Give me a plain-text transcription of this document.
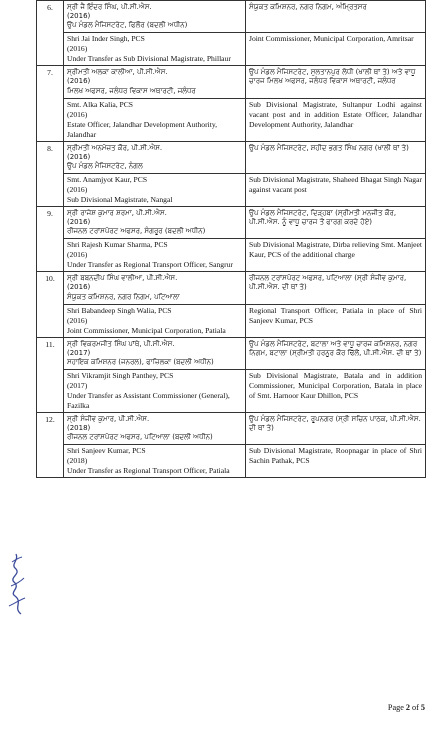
6.	ਸ੍ਰੀ ਜੈ ਇੰਦਰ ਸਿੰਘ, ਪੀ.ਸੀ.ਐਸ.
(2016)
ਉਪ ਮੰਡਲ ਮੈਜਿਸਟਰੇਟ, ਫਿਲੌਰ (ਬਦਲੀ ਅਧੀਨ)	ਸੰਯੁਕਤ ਕਮਿਸ਼ਨਰ, ਨਗਰ ਨਿਗਮ, ਅੰਮ੍ਰਿਤਸਰ

	Shri Jai Inder Singh, PCS
(2016)
Under Transfer as Sub Divisional Magistrate, Phillaur	Joint Commissioner, Municipal Corporation, Amritsar
7.	ਸ੍ਰੀਮਤੀ ਅਲਕਾ ਕਾਲੀਆ, ਪੀ.ਸੀ.ਐਸ.
(2016)
ਮਿਲਖ ਅਫਸਰ, ਜਲੰਧਰ ਵਿਕਾਸ ਅਥਾਰਟੀ, ਜਲੰਧਰ	ਉਪ ਮੰਡਲ ਮੈਜਿਸਟਰੇਟ, ਸੁਲਤਾਨਪੁਰ ਲੋਧੀ (ਖਾਲੀ ਥਾਂ ਤੇ) ਅਤੇ ਵਾਧੂ ਚਾਰਜ ਮਿਲਖ ਅਫਸਰ, ਜਲੰਧਰ ਵਿਕਾਸ ਅਥਾਰਟੀ, ਜਲੰਧਰ

	Smt. Alka Kalia, PCS
(2016)
Estate Officer, Jalandhar Development Authority, Jalandhar	Sub Divisional Magistrate, Sultanpur Lodhi against vacant post and in addition Estate Officer, Jalandhar Development Authority, Jalandhar
8.	ਸ੍ਰੀਮਤੀ ਅਨਮੋਜ਼ਤ ਕੌਰ, ਪੀ.ਸੀ.ਐਸ.
(2016)
ਉਪ ਮੰਡਲ ਮੈਜਿਸਟਰੇਟ, ਨੰਗਲ	ਉਪ ਮੰਡਲ ਮੈਜਿਸਟਰੇਟ, ਸ਼ਹੀਦ ਭਗਤ ਸਿੰਘ ਨਗਰ (ਖਾਲੀ ਥਾਂ ਤੇ)

	Smt. Anamjyot Kaur, PCS
(2016)
Sub Divisional Magistrate, Nangal	Sub Divisional Magistrate, Shaheed Bhagat Singh Nagar against vacant post
9.	ਸ੍ਰੀ ਰਾਜੇਸ਼ ਕੁਮਾਰ ਸ਼ਰਮਾ, ਪੀ.ਸੀ.ਐਸ.
(2016)
ਰੀਜਨਲ ਟਰਾਂਸਪੋਰਟ ਅਫਸਰ, ਸੰਗਰੂਰ (ਬਦਲੀ ਅਧੀਨ)	ਉਪ ਮੰਡਲ ਮੈਜਿਸਟਰੇਟ, ਦਿੜ੍ਹਬਾ (ਸ੍ਰੀਮਤੀ ਮਨਜੀਤ ਕੌਰ, ਪੀ.ਸੀ.ਐਸ. ਨੂੰ ਵਾਧੂ ਚਾਰਜ ਤੋਂ ਫਾਰਗ ਕਰਦੇ ਹੋਏ)

	Shri Rajesh Kumar Sharma, PCS
(2016)
Under Transfer as Regional Transport Officer, Sangrur	Sub Divisional Magistrate, Dirba relieving Smt. Manjeet Kaur, PCS of the additional charge
10.	ਸ੍ਰੀ ਬਬਨਦੀਪ ਸਿੰਘ ਵਾਲੀਆ, ਪੀ.ਸੀ.ਐਸ.
(2016)
ਸੰਯੁਕਤ ਕਮਿਸ਼ਨਰ, ਨਗਰ ਨਿਗਮ, ਪਟਿਆਲਾ	ਰੀਜਨਲ ਟਰਾਂਸਪੋਰਟ ਅਫਸਰ, ਪਟਿਆਲਾ (ਸ੍ਰੀ ਸੰਜੀਵ ਕੁਮਾਰ, ਪੀ.ਸੀ.ਐਸ. ਦੀ ਥਾਂ ਤੇ)

	Shri Babandeep Singh Walia, PCS
(2016)
Joint Commissioner, Municipal Corporation, Patiala	Regional Transport Officer, Patiala in place of Shri Sanjeev Kumar, PCS
11.	ਸ੍ਰੀ ਵਿਕਰਮਜੀਤ ਸਿੰਘ ਪਾਂਥੇ, ਪੀ.ਸੀ.ਐਸ.
(2017)
ਸਹਾਇਕ ਕਮਿਸ਼ਨਰ (ਜਨਰਲ), ਫਾਜ਼ਿਲਕਾ (ਬਦਲੀ ਅਧੀਨ)	ਉਪ ਮੰਡਲ ਮੈਜਿਸਟਰੇਟ, ਬਟਾਲਾ ਅਤੇ ਵਾਧੂ ਚਾਰਜ ਕਮਿਸ਼ਨਰ, ਨਗਰ ਨਿਗਮ, ਬਟਾਲਾ (ਸ੍ਰੀਮਤੀ ਹਰਨੂਰ ਕੌਰ ਢਿੱਲੋਂ, ਪੀ.ਸੀ.ਐਸ. ਦੀ ਥਾਂ ਤੇ)

	Shri Vikramjit Singh Panthey, PCS
(2017)
Under Transfer as Assistant Commissioner (General), Fazilka	Sub Divisional Magistrate, Batala and in addition Commissioner, Municipal Corporation, Batala in place of Smt. Harnoor Kaur Dhillon, PCS
12.	ਸ੍ਰੀ ਸੰਜੀਵ ਕੁਮਾਰ, ਪੀ.ਸੀ.ਐਸ.
(2018)
ਰੀਜਨਲ ਟਰਾਂਸਪੋਰਟ ਅਫਸਰ, ਪਟਿਆਲਾ (ਬਦਲੀ ਅਧੀਨ)	ਉਪ ਮੰਡਲ ਮੈਜਿਸਟਰੇਟ, ਰੂਪਨਗਰ (ਸ੍ਰੀ ਸਚਿਨ ਪਾਠਕ, ਪੀ.ਸੀ.ਐਸ. ਦੀ ਥਾਂ ਤੇ)

	Shri Sanjeev Kumar, PCS
(2018)
Under Transfer as Regional Transport Officer, Patiala	Sub Divisional Magistrate, Roopnagar in place of Shri Sachin Pathak, PCS
Page 2 of 5
